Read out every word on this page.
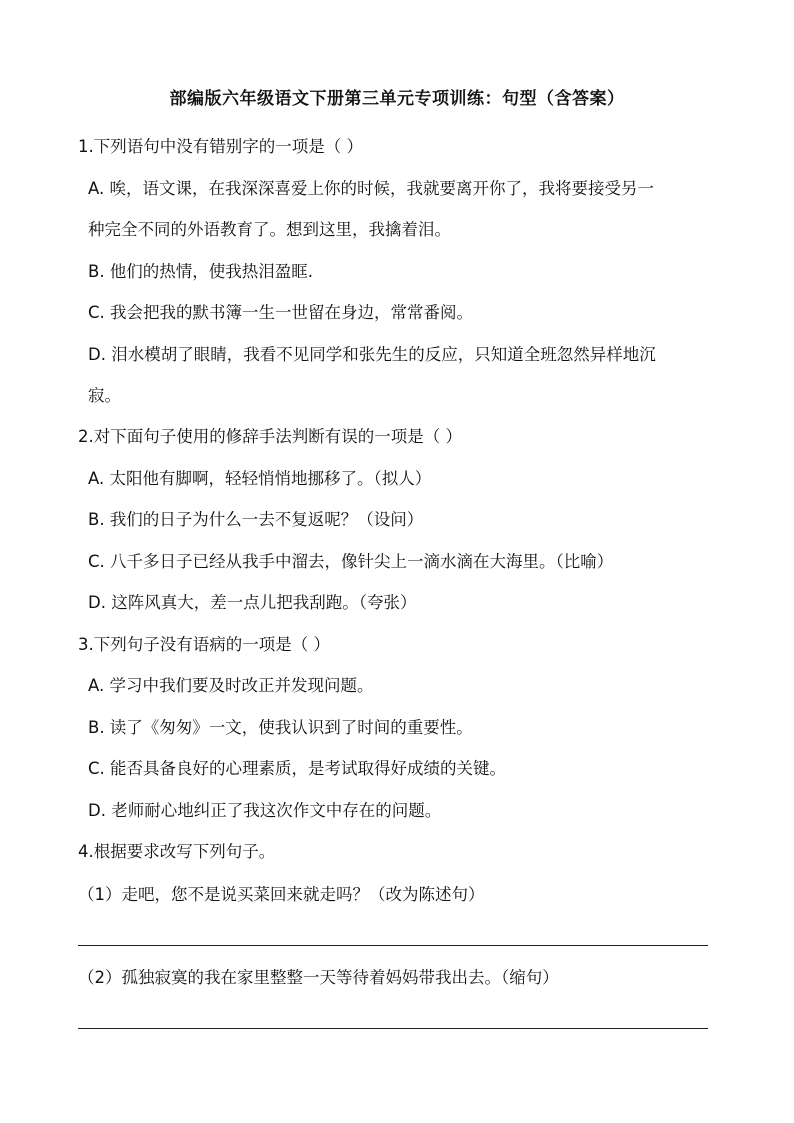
部编版六年级语文下册第三单元专项训练：句型（含答案）
1.下列语句中没有错别字的一项是（ ）
A. 唉，语文课，在我深深喜爱上你的时候，我就要离开你了，我将要接受另一
种完全不同的外语教育了。想到这里，我擒着泪。
B. 他们的热情，使我热泪盈眶.
C. 我会把我的默书簿一生一世留在身边，常常番阅。
D. 泪水模胡了眼睛，我看不见同学和张先生的反应，只知道全班忽然异样地沉
寂。
2.对下面句子使用的修辞手法判断有误的一项是（ ）
A. 太阳他有脚啊，轻轻悄悄地挪移了。（拟人）
B. 我们的日子为什么一去不复返呢？（设问）
C. 八千多日子已经从我手中溜去，像针尖上一滴水滴在大海里。（比喻）
D. 这阵风真大，差一点儿把我刮跑。（夸张）
3.下列句子没有语病的一项是（ ）
A. 学习中我们要及时改正并发现问题。
B. 读了《匆匆》一文，使我认识到了时间的重要性。
C. 能否具备良好的心理素质，是考试取得好成绩的关键。
D. 老师耐心地纠正了我这次作文中存在的问题。
4.根据要求改写下列句子。
（1）走吧，您不是说买菜回来就走吗？（改为陈述句）
（2）孤独寂寞的我在家里整整一天等待着妈妈带我出去。（缩句）
